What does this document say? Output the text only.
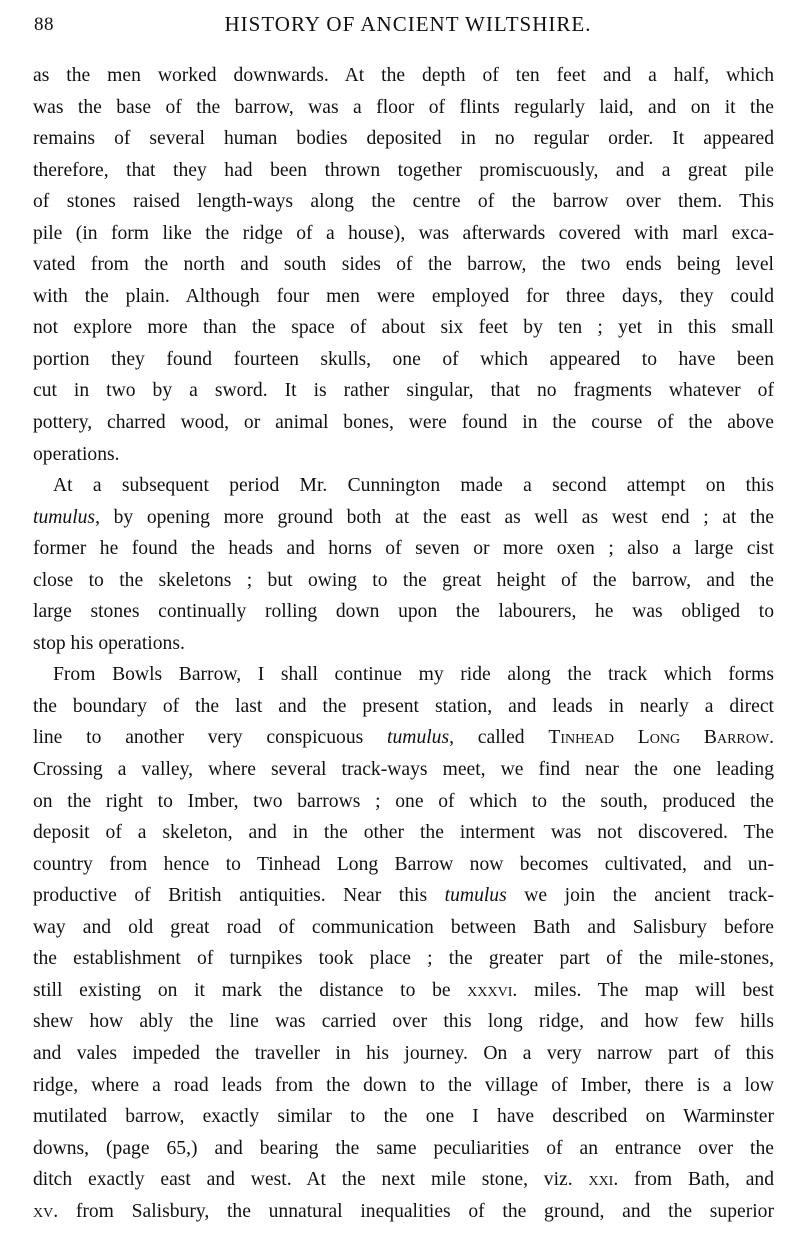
88	HISTORY OF ANCIENT WILTSHIRE.
as the men worked downwards. At the depth of ten feet and a half, which
was the base of the barrow, was a floor of flints regularly laid, and on it the
remains of several human bodies deposited in no regular order. It appeared
therefore, that they had been thrown together promiscuously, and a great pile
of stones raised length-ways along the centre of the barrow over them. This
pile (in form like the ridge of a house), was afterwards covered with marl exca-
vated from the north and south sides of the barrow, the two ends being level
with the plain. Although four men were employed for three days, they could
not explore more than the space of about six feet by ten ; yet in this small
portion they found fourteen skulls, one of which appeared to have been
cut in two by a sword. It is rather singular, that no fragments whatever of
pottery, charred wood, or animal bones, were found in the course of the above
operations.
At a subsequent period Mr. Cunnington made a second attempt on this
tumulus, by opening more ground both at the east as well as west end ; at the
former he found the heads and horns of seven or more oxen ; also a large cist
close to the skeletons ; but owing to the great height of the barrow, and the
large stones continually rolling down upon the labourers, he was obliged to
stop his operations.
From Bowls Barrow, I shall continue my ride along the track which forms
the boundary of the last and the present station, and leads in nearly a direct
line to another very conspicuous tumulus, called Tinhead Long Barrow.
Crossing a valley, where several track-ways meet, we find near the one leading
on the right to Imber, two barrows ; one of which to the south, produced the
deposit of a skeleton, and in the other the interment was not discovered. The
country from hence to Tinhead Long Barrow now becomes cultivated, and un-
productive of British antiquities. Near this tumulus we join the ancient track-
way and old great road of communication between Bath and Salisbury before
the establishment of turnpikes took place ; the greater part of the mile-stones,
still existing on it mark the distance to be xxxvi. miles. The map will best
shew how ably the line was carried over this long ridge, and how few hills
and vales impeded the traveller in his journey. On a very narrow part of this
ridge, where a road leads from the down to the village of Imber, there is a low
mutilated barrow, exactly similar to the one I have described on Warminster
downs, (page 65,) and bearing the same peculiarities of an entrance over the
ditch exactly east and west. At the next mile stone, viz. xxi. from Bath, and
xv. from Salisbury, the unnatural inequalities of the ground, and the superior
